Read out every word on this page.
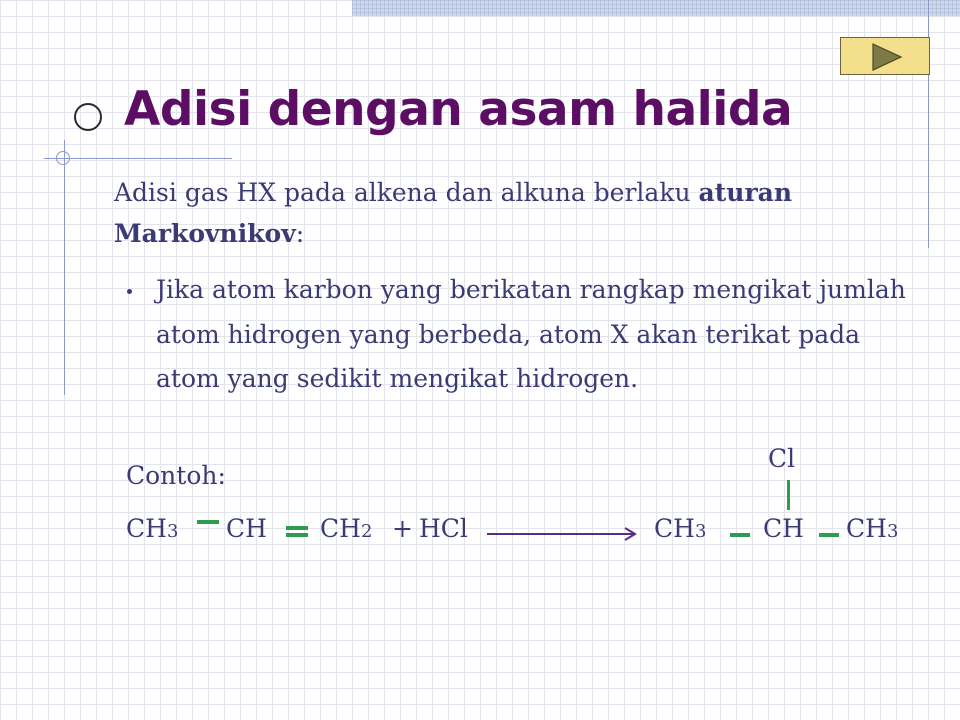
Adisi dengan asam halida

Adisi gas HX pada alkena dan alkuna berlaku aturan Markovnikov:

Jika atom karbon yang berikatan rangkap mengikat jumlah atom hidrogen yang berbeda, atom X akan terikat pada atom yang sedikit mengikat hidrogen.

Contoh:

CH3 CH CH2 + HCl	CH3 CH CH3
Cl
